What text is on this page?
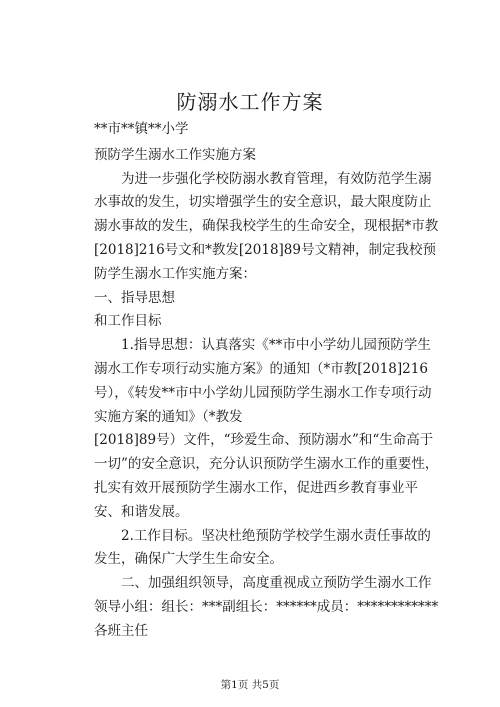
防溺水工作方案

**市**镇**小学

预防学生溺水工作实施方案

为进一步强化学校防溺水教育管理，有效防范学生溺水事故的发生，切实增强学生的安全意识，最大限度防止溺水事故的发生，确保我校学生的生命安全，现根据*市教[2018]216号文和*教发[2018]89号文精神，制定我校预防学生溺水工作实施方案：

一、指导思想

和工作目标

1.指导思想：认真落实《**市中小学幼儿园预防学生溺水工作专项行动实施方案》的通知（*市教[2018]216号），《转发**市中小学幼儿园预防学生溺水工作专项行动实施方案的通知》（*教发

[2018]89号）文件，“珍爱生命、预防溺水”和“生命高于一切”的安全意识，充分认识预防学生溺水工作的重要性，扎实有效开展预防学生溺水工作，促进西乡教育事业平安、和谐发展。

2.工作目标。坚决杜绝预防学校学生溺水责任事故的发生，确保广大学生生命安全。

二、加强组织领导，高度重视成立预防学生溺水工作领导小组：组长：***副组长：******成员：************各班主任

第1页 共5页
